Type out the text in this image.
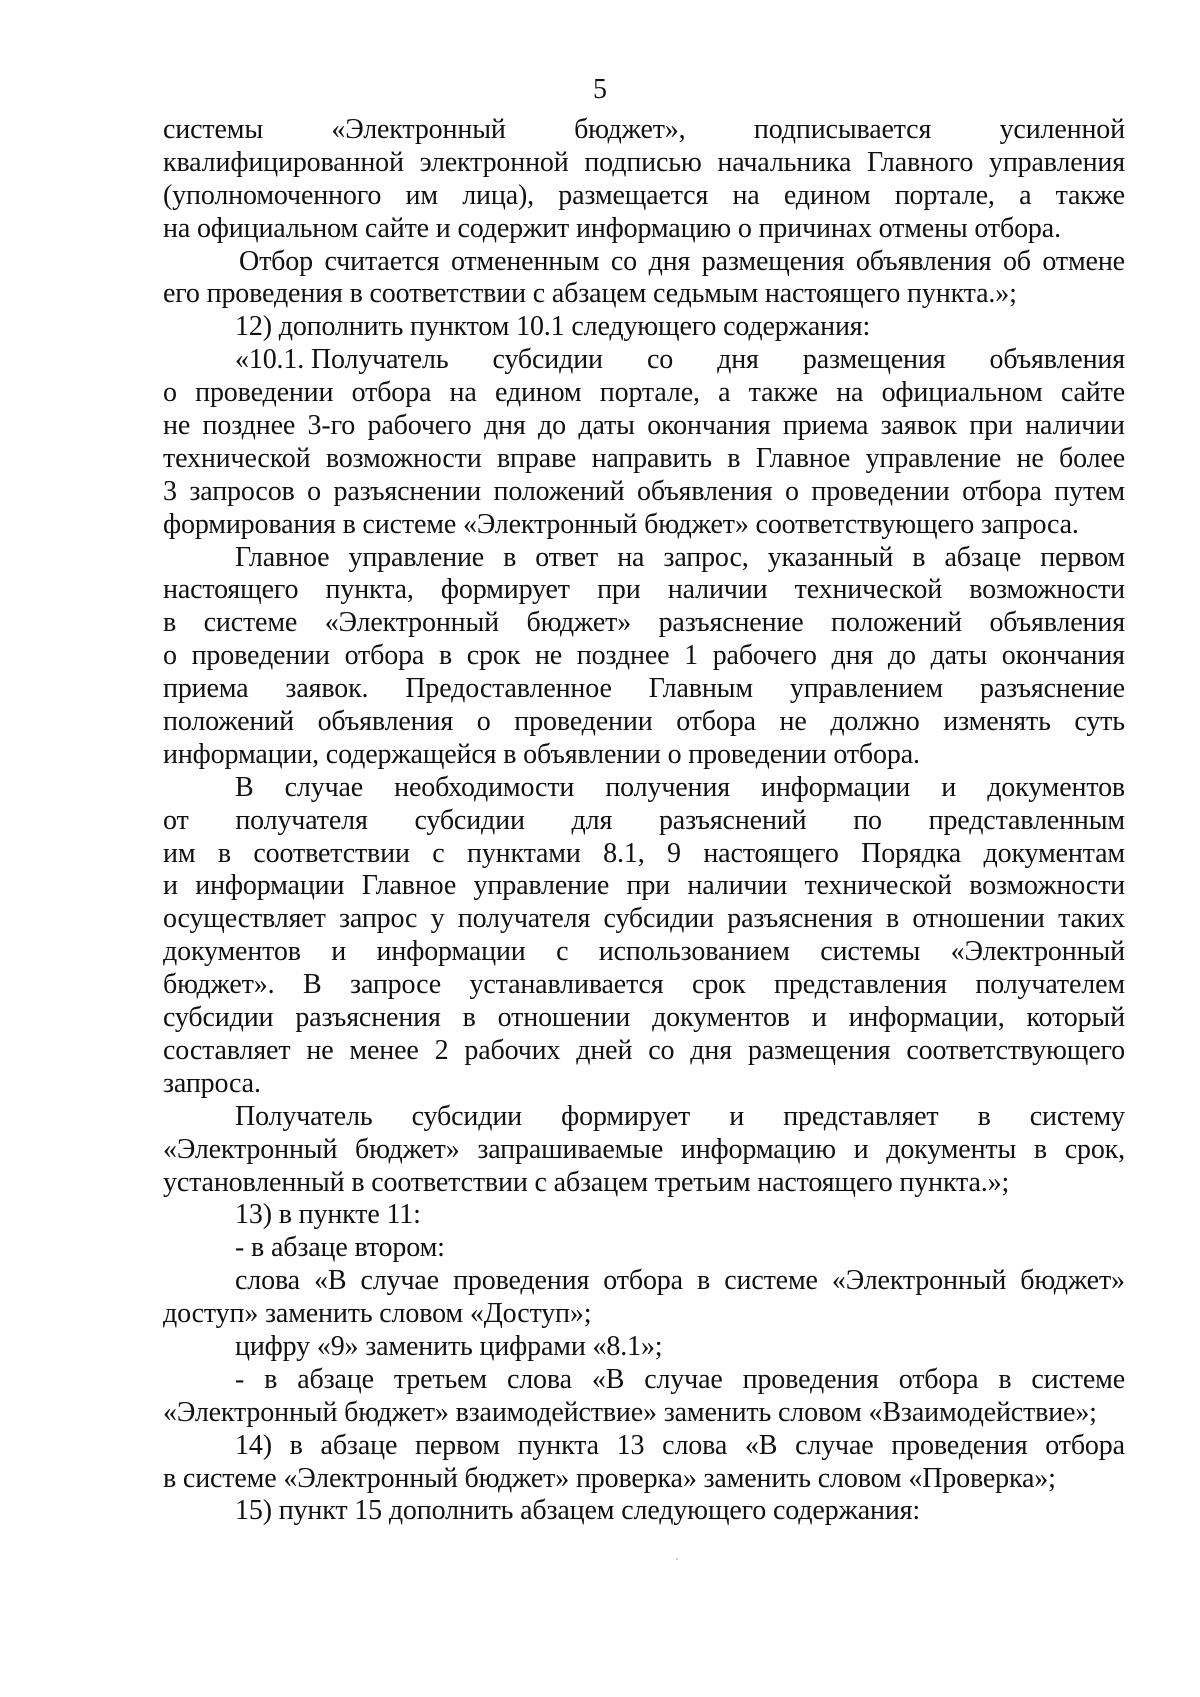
5
системы «Электронный бюджет», подписывается усиленной
квалифицированной электронной подписью начальника Главного управления
(уполномоченного им лица), размещается на едином портале, а также
на официальном сайте и содержит информацию о причинах отмены отбора.
Отбор считается отмененным со дня размещения объявления об отмене
его проведения в соответствии с абзацем седьмым настоящего пункта.»;
12) дополнить пунктом 10.1 следующего содержания:
«10.1. Получатель субсидии со дня размещения объявления
о проведении отбора на едином портале, а также на официальном сайте
не позднее 3-го рабочего дня до даты окончания приема заявок при наличии
технической возможности вправе направить в Главное управление не более
3 запросов о разъяснении положений объявления о проведении отбора путем
формирования в системе «Электронный бюджет» соответствующего запроса.
Главное управление в ответ на запрос, указанный в абзаце первом
настоящего пункта, формирует при наличии технической возможности
в системе «Электронный бюджет» разъяснение положений объявления
о проведении отбора в срок не позднее 1 рабочего дня до даты окончания
приема заявок. Предоставленное Главным управлением разъяснение
положений объявления о проведении отбора не должно изменять суть
информации, содержащейся в объявлении о проведении отбора.
В случае необходимости получения информации и документов
от получателя субсидии для разъяснений по представленным
им в соответствии с пунктами 8.1, 9 настоящего Порядка документам
и информации Главное управление при наличии технической возможности
осуществляет запрос у получателя субсидии разъяснения в отношении таких
документов и информации с использованием системы «Электронный
бюджет». В запросе устанавливается срок представления получателем
субсидии разъяснения в отношении документов и информации, который
составляет не менее 2 рабочих дней со дня размещения соответствующего
запроса.
Получатель субсидии формирует и представляет в систему
«Электронный бюджет» запрашиваемые информацию и документы в срок,
установленный в соответствии с абзацем третьим настоящего пункта.»;
13) в пункте 11:
- в абзаце втором:
слова «В случае проведения отбора в системе «Электронный бюджет»
доступ» заменить словом «Доступ»;
цифру «9» заменить цифрами «8.1»;
- в абзаце третьем слова «В случае проведения отбора в системе
«Электронный бюджет» взаимодействие» заменить словом «Взаимодействие»;
14) в абзаце первом пункта 13 слова «В случае проведения отбора
в системе «Электронный бюджет» проверка» заменить словом «Проверка»;
15) пункт 15 дополнить абзацем следующего содержания:
